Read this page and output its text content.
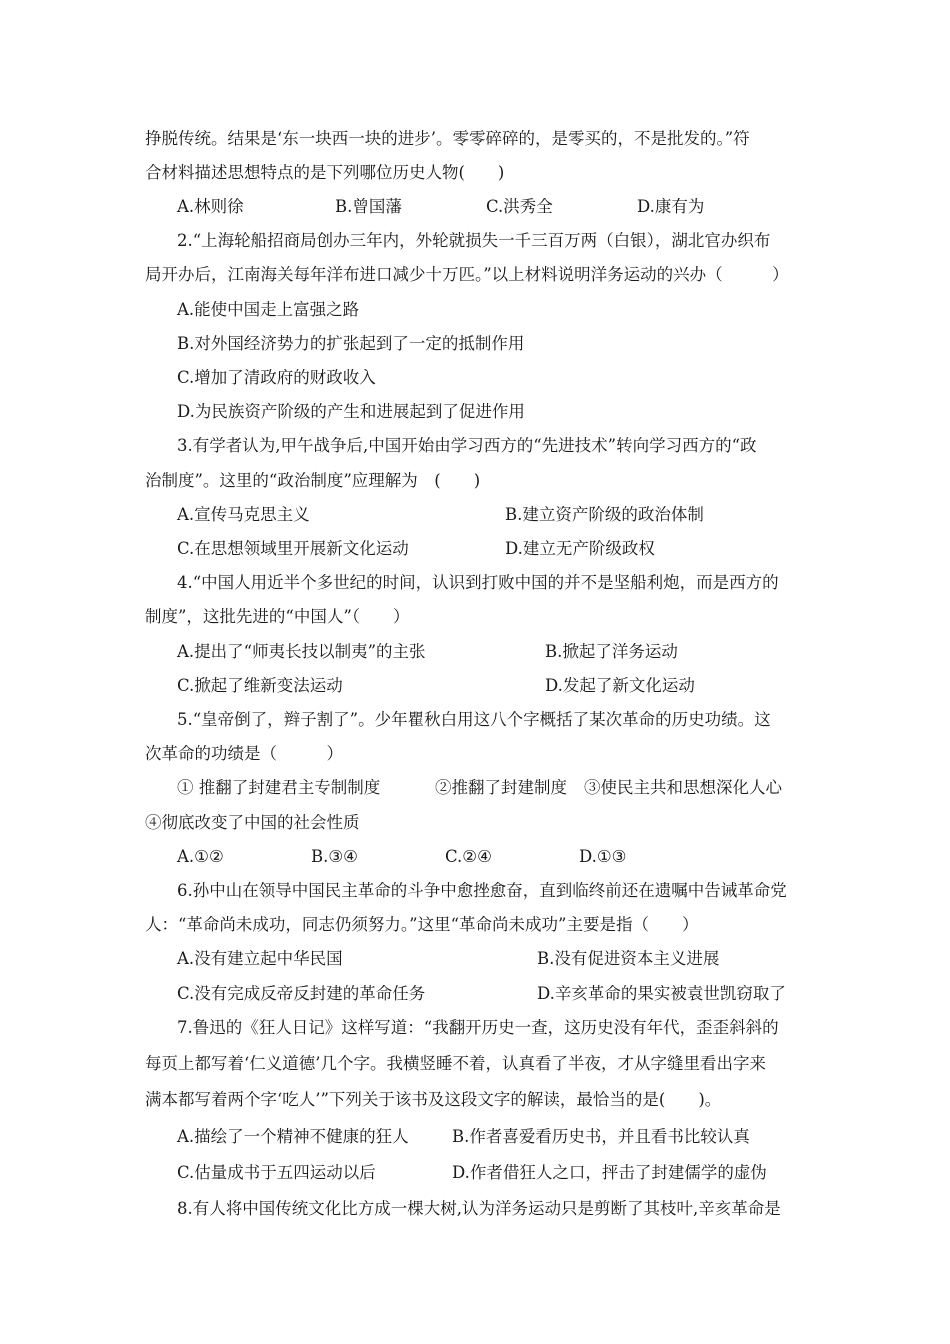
挣脱传统。结果是‘东一块西一块的进步’。零零碎碎的，是零买的，不是批发的。”符
合材料描述思想特点的是下列哪位历史人物(　　)
A.林则徐	B.曾国藩	C.洪秀全	D.康有为
2.“上海轮船招商局创办三年内，外轮就损失一千三百万两（白银），湖北官办织布
局开办后，江南海关每年洋布进口减少十万匹。”以上材料说明洋务运动的兴办（　　　）
A.能使中国走上富强之路
B.对外国经济势力的扩张起到了一定的抵制作用
C.增加了清政府的财政收入
D.为民族资产阶级的产生和进展起到了促进作用
3.有学者认为,甲午战争后,中国开始由学习西方的“先进技术”转向学习西方的“政
治制度”。这里的“政治制度”应理解为　(　　)
A.宣传马克思主义	B.建立资产阶级的政治体制
C.在思想领域里开展新文化运动	D.建立无产阶级政权
4.“中国人用近半个多世纪的时间，认识到打败中国的并不是坚船利炮，而是西方的
制度”，这批先进的“中国人”（　　）
A.提出了“师夷长技以制夷”的主张	B.掀起了洋务运动
C.掀起了维新变法运动	D.发起了新文化运动
5.“皇帝倒了，辫子割了”。少年瞿秋白用这八个字概括了某次革命的历史功绩。这
次革命的功绩是（　　　）
① 推翻了封建君主专制制度	②推翻了封建制度 ③使民主共和思想深化人心
④彻底改变了中国的社会性质
A.①②	B.③④	C.②④	D.①③
6.孙中山在领导中国民主革命的斗争中愈挫愈奋，直到临终前还在遗嘱中告诫革命党
人：“革命尚未成功，同志仍须努力。”这里“革命尚未成功”主要是指（　　）
A.没有建立起中华民国	B.没有促进资本主义进展
C.没有完成反帝反封建的革命任务	D.辛亥革命的果实被袁世凯窃取了
7.鲁迅的《狂人日记》这样写道：“我翻开历史一查，这历史没有年代，歪歪斜斜的
每页上都写着‘仁义道德’几个字。我横竖睡不着，认真看了半夜，才从字缝里看出字来
满本都写着两个字‘吃人’”下列关于该书及这段文字的解读，最恰当的是(　　)。
A.描绘了一个精神不健康的狂人	B.作者喜爱看历史书，并且看书比较认真
C.估量成书于五四运动以后	D.作者借狂人之口，抨击了封建儒学的虚伪
8.有人将中国传统文化比方成一棵大树,认为洋务运动只是剪断了其枝叶,辛亥革命是
